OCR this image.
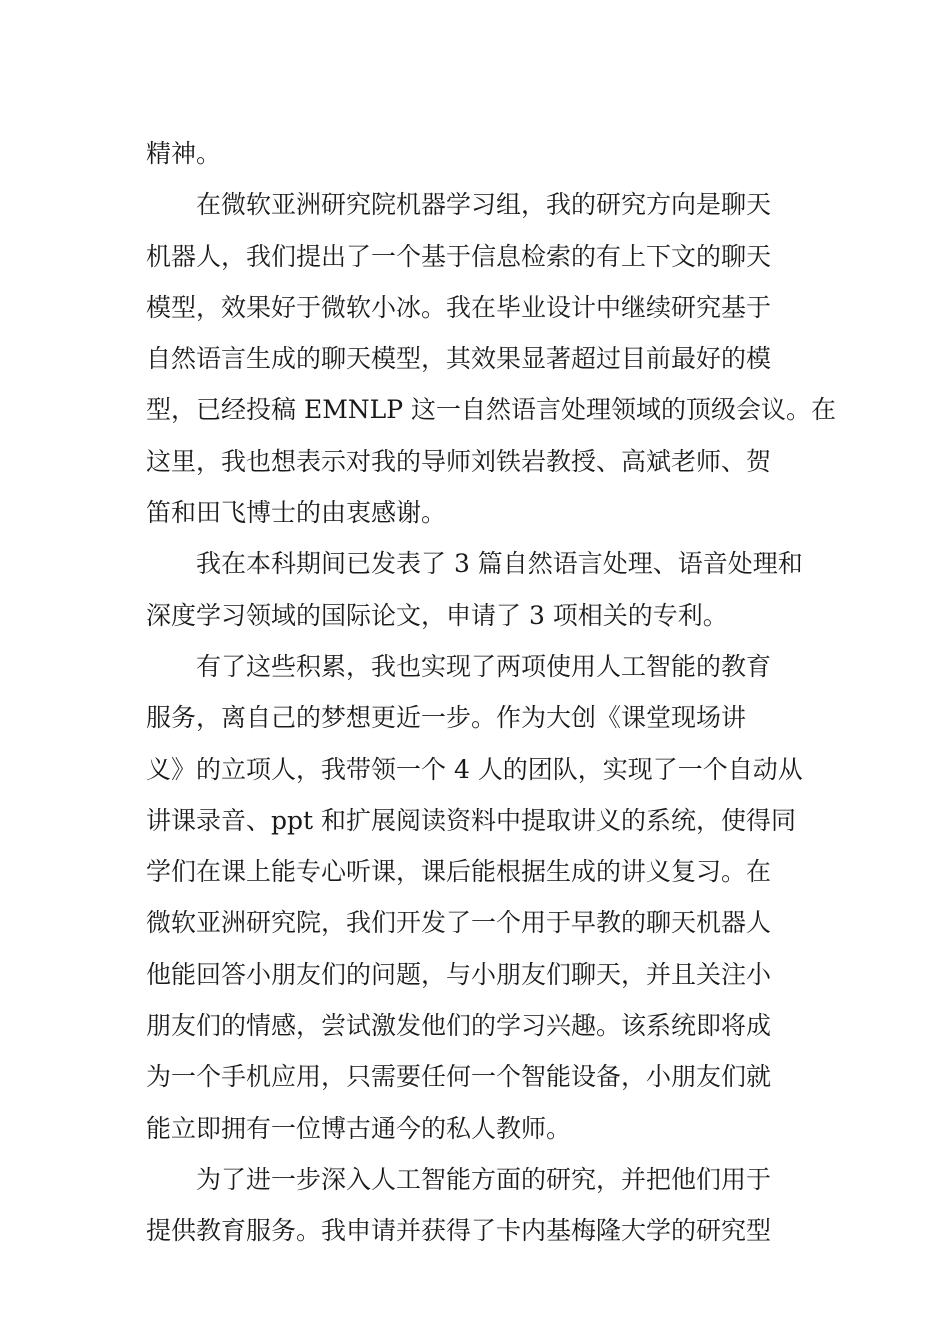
精神。
在微软亚洲研究院机器学习组，我的研究方向是聊天
机器人，我们提出了一个基于信息检索的有上下文的聊天
模型，效果好于微软小冰。我在毕业设计中继续研究基于
自然语言生成的聊天模型，其效果显著超过目前最好的模
型，已经投稿 EMNLP 这一自然语言处理领域的顶级会议。在
这里，我也想表示对我的导师刘铁岩教授、高斌老师、贺
笛和田飞博士的由衷感谢。
我在本科期间已发表了 3 篇自然语言处理、语音处理和
深度学习领域的国际论文，申请了 3 项相关的专利。
有了这些积累，我也实现了两项使用人工智能的教育
服务，离自己的梦想更近一步。作为大创《课堂现场讲
义》的立项人，我带领一个 4 人的团队，实现了一个自动从
讲课录音、ppt 和扩展阅读资料中提取讲义的系统，使得同
学们在课上能专心听课，课后能根据生成的讲义复习。在
微软亚洲研究院，我们开发了一个用于早教的聊天机器人
他能回答小朋友们的问题，与小朋友们聊天，并且关注小
朋友们的情感，尝试激发他们的学习兴趣。该系统即将成
为一个手机应用，只需要任何一个智能设备，小朋友们就
能立即拥有一位博古通今的私人教师。
为了进一步深入人工智能方面的研究，并把他们用于
提供教育服务。我申请并获得了卡内基梅隆大学的研究型
